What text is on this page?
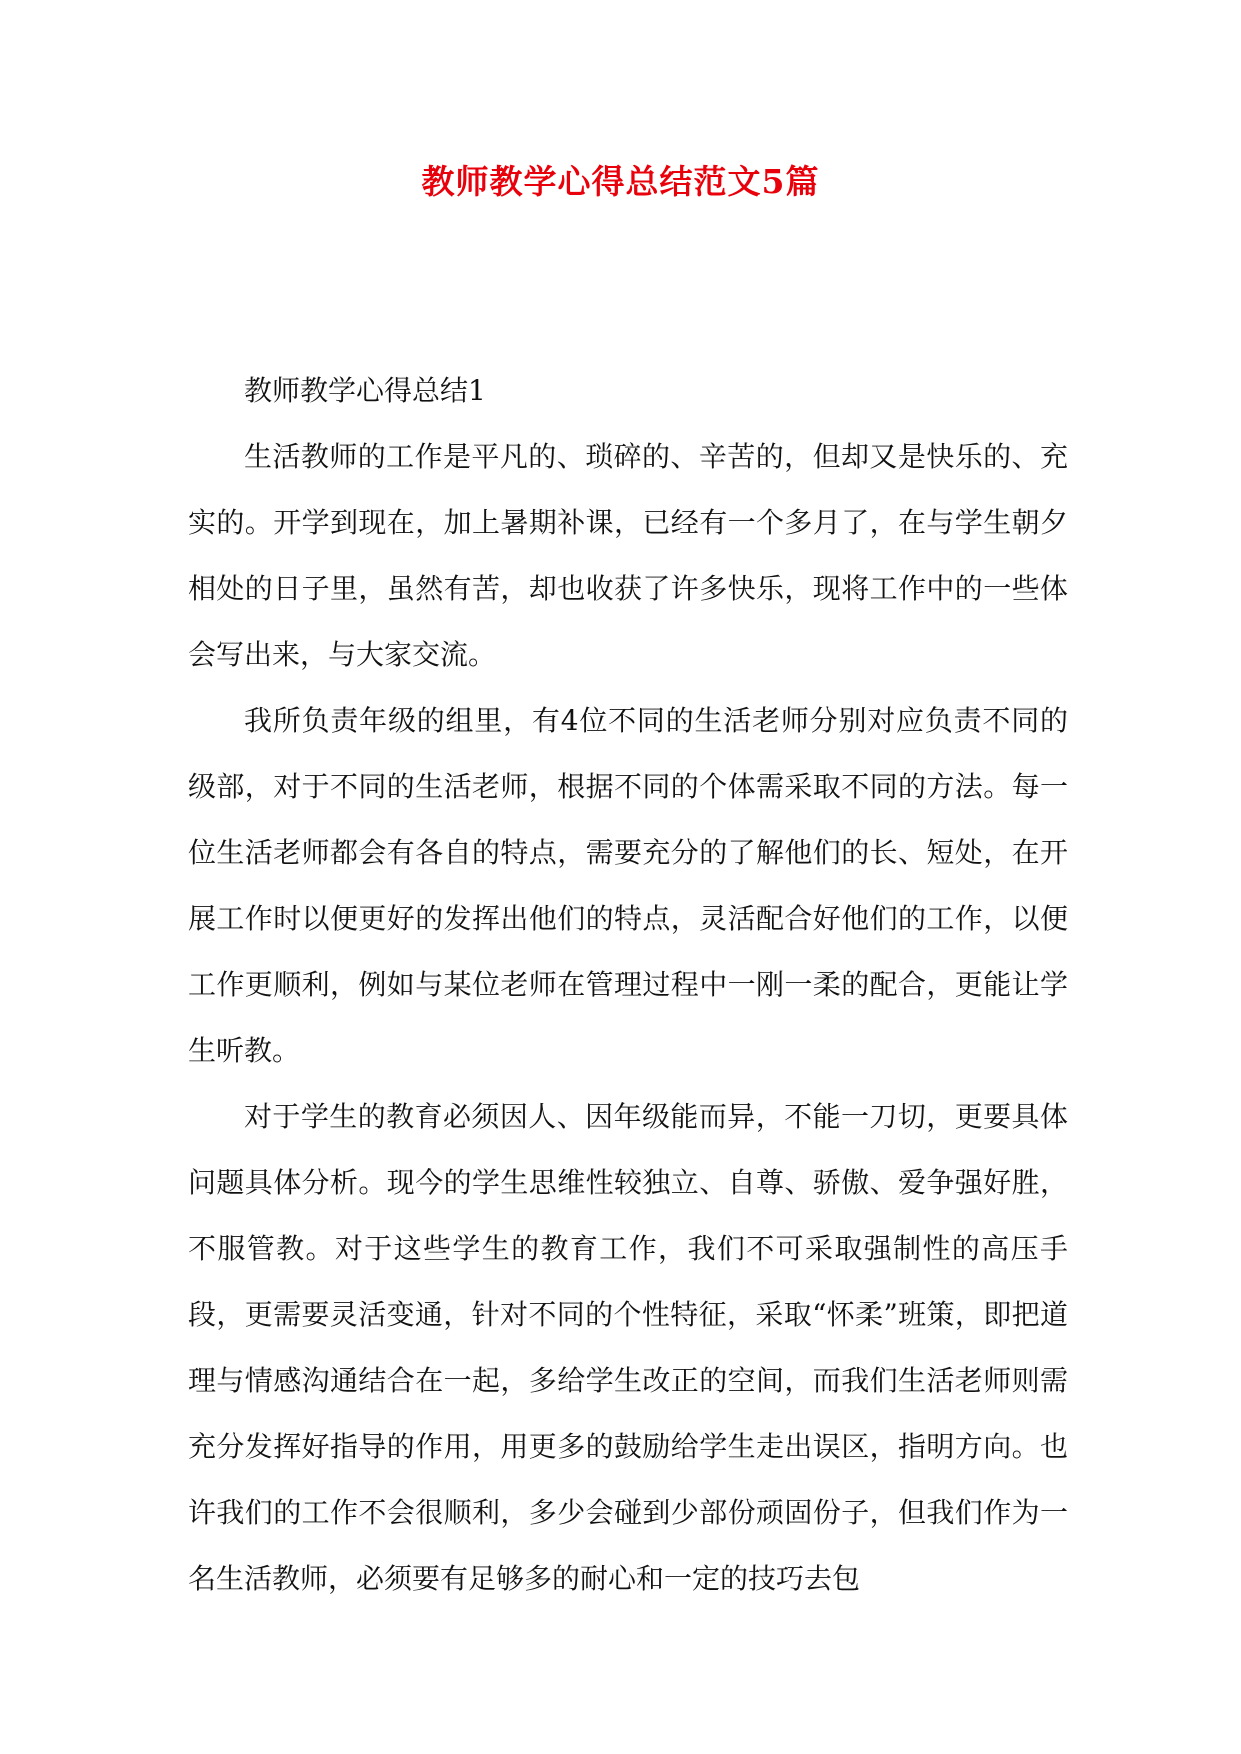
教师教学心得总结范文5篇
教师教学心得总结1

生活教师的工作是平凡的、琐碎的、辛苦的，但却又是快乐的、充实的。开学到现在，加上暑期补课，已经有一个多月了，在与学生朝夕相处的日子里，虽然有苦，却也收获了许多快乐，现将工作中的一些体会写出来，与大家交流。

我所负责年级的组里，有4位不同的生活老师分别对应负责不同的级部，对于不同的生活老师，根据不同的个体需采取不同的方法。每一位生活老师都会有各自的特点，需要充分的了解他们的长、短处，在开展工作时以便更好的发挥出他们的特点，灵活配合好他们的工作，以便工作更顺利，例如与某位老师在管理过程中一刚一柔的配合，更能让学生听教。

对于学生的教育必须因人、因年级能而异，不能一刀切，更要具体问题具体分析。现今的学生思维性较独立、自尊、骄傲、爱争强好胜，不服管教。对于这些学生的教育工作，我们不可采取强制性的高压手段，更需要灵活变通，针对不同的个性特征，采取“怀柔”班策，即把道理与情感沟通结合在一起，多给学生改正的空间，而我们生活老师则需充分发挥好指导的作用，用更多的鼓励给学生走出误区，指明方向。也许我们的工作不会很顺利，多少会碰到少部份顽固份子，但我们作为一名生活教师，必须要有足够多的耐心和一定的技巧去包
